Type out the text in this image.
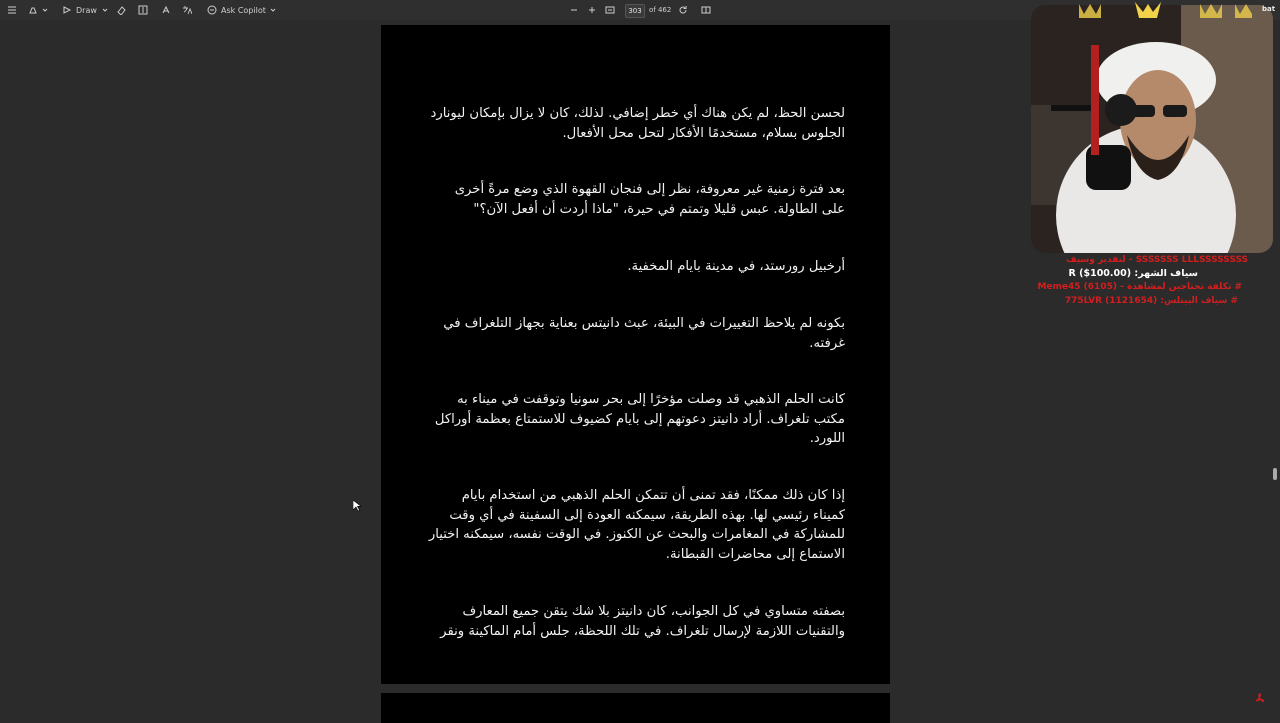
Draw	Ask Copilot	303	of 462

لحسن الحظ، لم يكن هناك أي خطر إضافي. لذلك، كان لا يزال بإمكان ليونارد الجلوس بسلام، مستخدمًا الأفكار لتحل محل الأفعال.

بعد فترة زمنية غير معروفة، نظر إلى فنجان القهوة الذي وضع مرةً أخرى على الطاولة. عبس قليلا وتمتم في حيرة، "ماذا أردت أن أفعل الآن؟"

أرخبيل رورستد، في مدينة بايام المخفية.

بكونه لم يلاحظ التغييرات في البيئة، عبث دانيتس بعناية بجهاز التلغراف في غرفته.

كانت الحلم الذهبي قد وصلت مؤخرًا إلى بحر سونيا وتوقفت في ميناء به مكتب تلغراف. أراد دانيتز دعوتهم إلى بايام كضيوف للاستمتاع بعظمة أوراكل اللورد.

إذا كان ذلك ممكنًا، فقد تمنى أن تتمكن الحلم الذهبي من استخدام بايام كميناء رئيسي لها. بهذه الطريقة، سيمكنه العودة إلى السفينة في أي وقت للمشاركة في المغامرات والبحث عن الكنوز. في الوقت نفسه، سيمكنه اختيار الاستماع إلى محاضرات القبطانة.

بصفته متساوي في كل الجوانب، كان دانيتز بلا شك يتقن جميع المعارف والتقنيات اللازمة لإرسال تلغراف. في تلك اللحظة، جلس أمام الماكينة ونقر

bat
SSSSSSS LLLSSSSSSSS - لتقدير وسيف
سياف الشهر: (R ($100.00
# تكلفة تحتاجين لمشاهدة - Meme45 (6105)
# سياف البيتلس: 775LVR (1121654)
